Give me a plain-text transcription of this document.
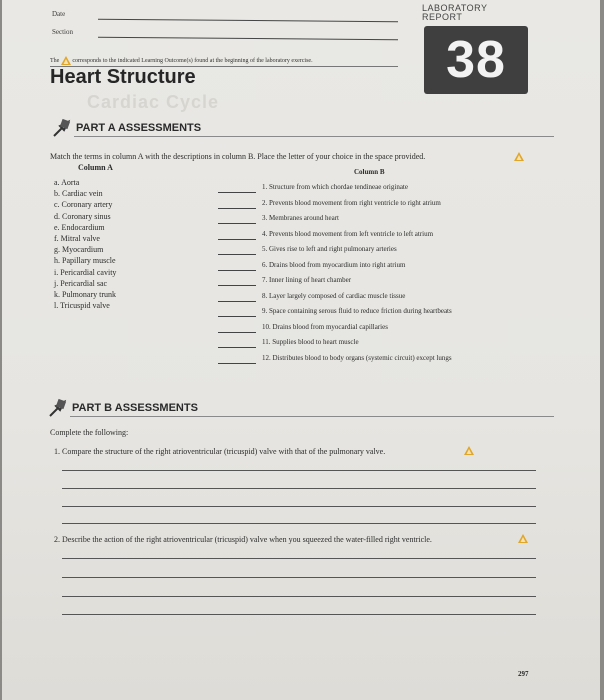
Date
Section
LABORATORY
REPORT
38
The corresponds to the indicated Learning Outcome(s) found at the beginning of the laboratory exercise.
Heart Structure
Cardiac Cycle
PART A ASSESSMENTS
Match the terms in column A with the descriptions in column B. Place the letter of your choice in the space provided.
Column A	Column B
a. Aorta
b. Cardiac vein
c. Coronary artery
d. Coronary sinus
e. Endocardium
f. Mitral valve
g. Myocardium
h. Papillary muscle
i. Pericardial cavity
j. Pericardial sac
k. Pulmonary trunk
l. Tricuspid valve
1. Structure from which chordae tendineae originate
2. Prevents blood movement from right ventricle to right atrium
3. Membranes around heart
4. Prevents blood movement from left ventricle to left atrium
5. Gives rise to left and right pulmonary arteries
6. Drains blood from myocardium into right atrium
7. Inner lining of heart chamber
8. Layer largely composed of cardiac muscle tissue
9. Space containing serous fluid to reduce friction during heartbeats
10. Drains blood from myocardial capillaries
11. Supplies blood to heart muscle
12. Distributes blood to body organs (systemic circuit) except lungs
PART B ASSESSMENTS
Complete the following:
1. Compare the structure of the right atrioventricular (tricuspid) valve with that of the pulmonary valve.
2. Describe the action of the right atrioventricular (tricuspid) valve when you squeezed the water-filled right ventricle.
297
